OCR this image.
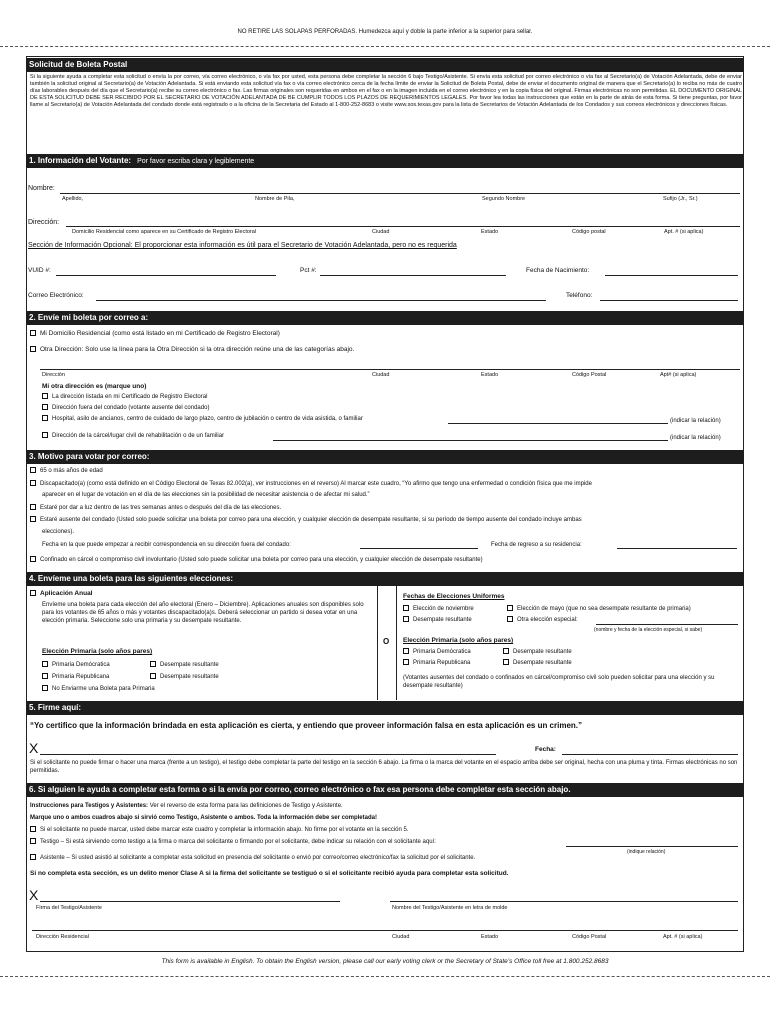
NO RETIRE LAS SOLAPAS PERFORADAS. Humedezca aquí y doble la parte inferior a la superior para sellar.
Solicitud de Boleta Postal
Si la siguiente ayuda a completar esta solicitud o envía la por correo, vía correo electrónico, o vía fax por usted, esta persona debe completar la sección 6 bajo Testigo/Asistente. Si envía esta solicitud por correo electrónico o vía fax al Secretario(a) de Votación Adelantada, debe de enviar también la solicitud original al Secretario(a) de Votación Adelantada. Si está enviando esta solicitud vía fax o vía correo electrónico cerca de la fecha límite de enviar la Solicitud de Boleta Postal, debe de enviar el documento original de manera que el Secretario(a) lo reciba no más de cuatro días laborables después del día que el Secretario(a) recibe su correo electrónico o fax. Las firmas originales son requeridas en ambos en el fax o en la imagen incluida en el correo electrónico y en la copia física del original. Firmas electrónicas no son permitidas. EL DOCUMENTO ORIGINAL DE ESTA SOLICITUD DEBE SER RECIBIDO POR EL SECRETARIO DE VOTACIÓN ADELANTADA DE BE CUMPLIR TODOS LOS PLAZOS DE REQUERIMIENTOS LEGALES. Por favor lea todas las instrucciones que están en la parte de atrás de esta forma. Si tiene preguntas, por favor llame al Secretario(a) de Votación Adelantada del condado donde está registrado o a la oficina de la Secretaria del Estado al 1-800-252-8683 o visite www.sos.texas.gov para la lista de Secretarios de Votación Adelantada de los Condados y sus correos electrónicos y direcciones físicas.
1. Información del Votante: Por favor escriba clara y legiblemente
Nombre:
Apellido,	Nombre de Pila,	Segundo Nombre	Sufijo (Jr., Sr.)
Dirección:
Domicilio Residencial como aparece en su Certificado de Registro Electoral	Ciudad	Estado	Código postal	Apt. # (si aplica)
Sección de Información Opcional: El proporcionar esta información es útil para el Secretario de Votación Adelantada, pero no es requerida
VUID #:	Pct #:	Fecha de Nacimiento:
Correo Electrónico:	Teléfono:
2. Envíe mi boleta por correo a:
Mi Domicilio Residencial (como está listado en mi Certificado de Registro Electoral)
Otra Dirección: Solo use la línea para la Otra Dirección si la otra dirección reúne una de las categorías abajo.
Dirección	Ciudad	Estado	Código Postal	Apt# (si aplica)
Mi otra dirección es (marque uno)
La dirección listada en mi Certificado de Registro Electoral
Dirección fuera del condado (votante ausente del condado)
Hospital, asilo de ancianos, centro de cuidado de largo plazo, centro de jubilación o centro de vida asistida, o familiar	(indicar la relación)
Dirección de la cárcel/lugar civil de rehabilitación o de un familiar	(indicar la relación)
3. Motivo para votar por correo:
65 o más años de edad
Discapacitado(a) (como está definido en el Código Electoral de Texas 82.002(a), ver instrucciones en el reverso) Al marcar este cuadro, “Yo afirmo que tengo una enfermedad o condición física que me impide
aparecer en el lugar de votación en el día de las elecciones sin la posibilidad de necesitar asistencia o de afectar mi salud.”
Estaré por dar a luz dentro de las tres semanas antes o después del día de las elecciones.
Estaré ausente del condado (Usted solo puede solicitar una boleta por correo para una elección, y cualquier elección de desempate resultante, si su período de tiempo ausente del condado incluye ambas
elecciones).
Fecha en la que puede empezar a recibir correspondencia en su dirección fuera del condado:	Fecha de regreso a su residencia:
Confinado en cárcel o compromiso civil involuntario (Usted solo puede solicitar una boleta por correo para una elección, y cualquier elección de desempate resultante)
4. Envíeme una boleta para las siguientes elecciones:
Aplicación Anual
Envíeme una boleta para cada elección del año electoral (Enero – Diciembre). Aplicaciones anuales son disponibles solo para los votantes de 65 años o más y votantes discapacitado(a)s. Deberá seleccionar un partido si desea votar en una elección primaria. Seleccione solo una primaria y su desempate resultante.
Elección Primaria (solo años pares)
Primaria Demócratica	Desempate resultante
Primaria Republicana	Desempate resultante
No Enviarme una Boleta para Primaria
O
Fechas de Elecciones Uniformes
Elección de noviembre	Elección de mayo (que no sea desempate resultante de primaria)
Desempate resultante	Otra elección especial:
(nombre y fecha de la elección especial, si sabe)
Elección Primaria (solo años pares)
Primaria Demócratica	Desempate resultante
Primaria Republicana	Desempate resultante
(Votantes ausentes del condado o confinados en cárcel/compromiso civil solo pueden solicitar para una elección y su desempate resultante)
5. Firme aquí:
“Yo certifico que la información brindada en esta aplicación es cierta, y entiendo que proveer información falsa en esta aplicación es un crimen.”
X	Fecha:
Si el solicitante no puede firmar o hacer una marca (frente a un testigo), el testigo debe completar la parte del testigo en la sección 6 abajo. La firma o la marca del votante en el espacio arriba debe ser original, hecha con una pluma y tinta. Firmas electrónicas no son permitidas.
6. Si alguien le ayuda a completar esta forma o si la envía por correo, correo electrónico o fax esa persona debe completar esta sección abajo.
Instrucciones para Testigos y Asistentes: Ver el reverso de esta forma para las definiciones de Testigo y Asistente.
Marque uno o ambos cuadros abajo si sirvió como Testigo, Asistente o ambos. Toda la información debe ser completada!
Si el solicitante no puede marcar, usted debe marcar este cuadro y completar la información abajo. No firme por el votante en la sección 5.
Testigo – Si está sirviendo como testigo a la firma o marca del solicitante o firmando por el solicitante, debe indicar su relación con el solicitante aquí:
(indique relación)
Asistente – Si usted asistió al solicitante a completar esta solicitud en presencia del solicitante o envió por correo/correo electrónico/fax la solicitud por el solicitante.
Si no completa esta sección, es un delito menor Clase A si la firma del solicitante se testiguó o si el solicitante recibió ayuda para completar esta solicitud.
X
Firma del Testigo/Asistente	Nombre del Testigo/Asistente en letra de molde
Dirección Residencial	Ciudad	Estado	Código Postal	Apt. # (si aplica)
This form is available in English. To obtain the English version, please call our early voting clerk or the Secretary of State’s Office toll free at 1.800.252.8683
